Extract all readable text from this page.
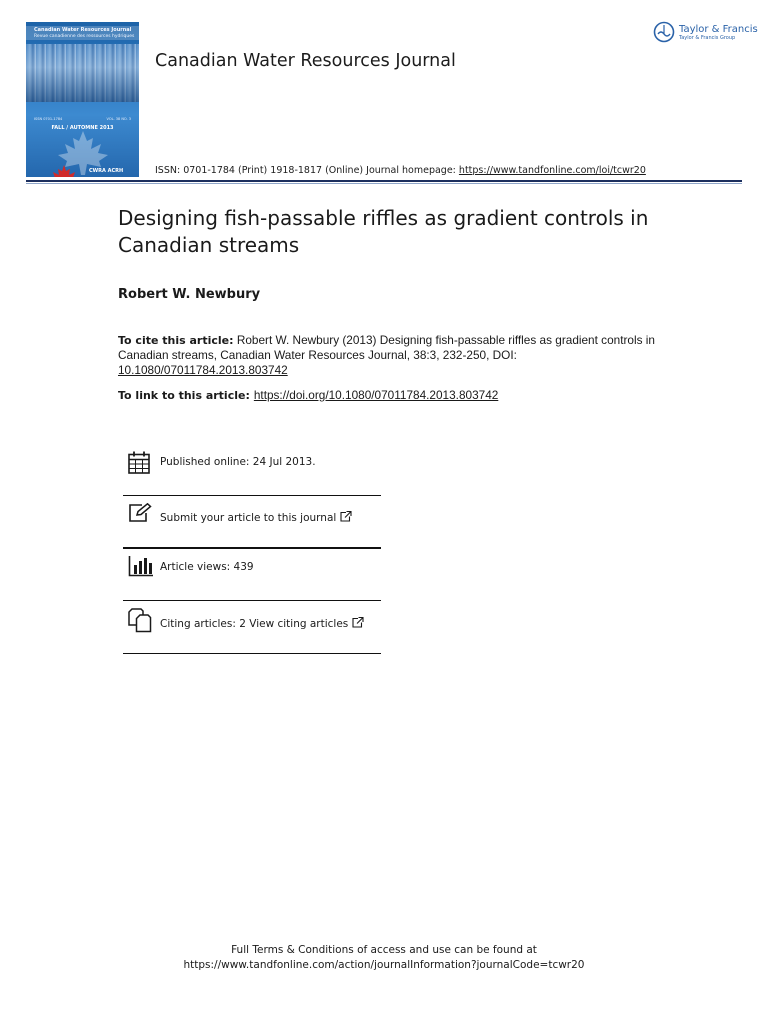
Canadian Water Resources Journal
Revue canadienne des ressources hydriques
ISSN 0701-1784	VOL. 38 NO. 3
FALL / AUTOMNE 2013
CWRA ACRH
Canadian Water Resources Journal
ISSN: 0701-1784 (Print) 1918-1817 (Online) Journal homepage: https://www.tandfonline.com/loi/tcwr20
Taylor & Francis
Taylor & Francis Group
Designing fish-passable riffles as gradient controls in Canadian streams
Robert W. Newbury
To cite this article: Robert W. Newbury (2013) Designing fish-passable riffles as gradient controls in Canadian streams, Canadian Water Resources Journal, 38:3, 232-250, DOI: 10.1080/07011784.2013.803742
To link to this article: https://doi.org/10.1080/07011784.2013.803742
Published online: 24 Jul 2013.
Submit your article to this journal
Article views: 439
Citing articles: 2 View citing articles
Full Terms & Conditions of access and use can be found at
https://www.tandfonline.com/action/journalInformation?journalCode=tcwr20
